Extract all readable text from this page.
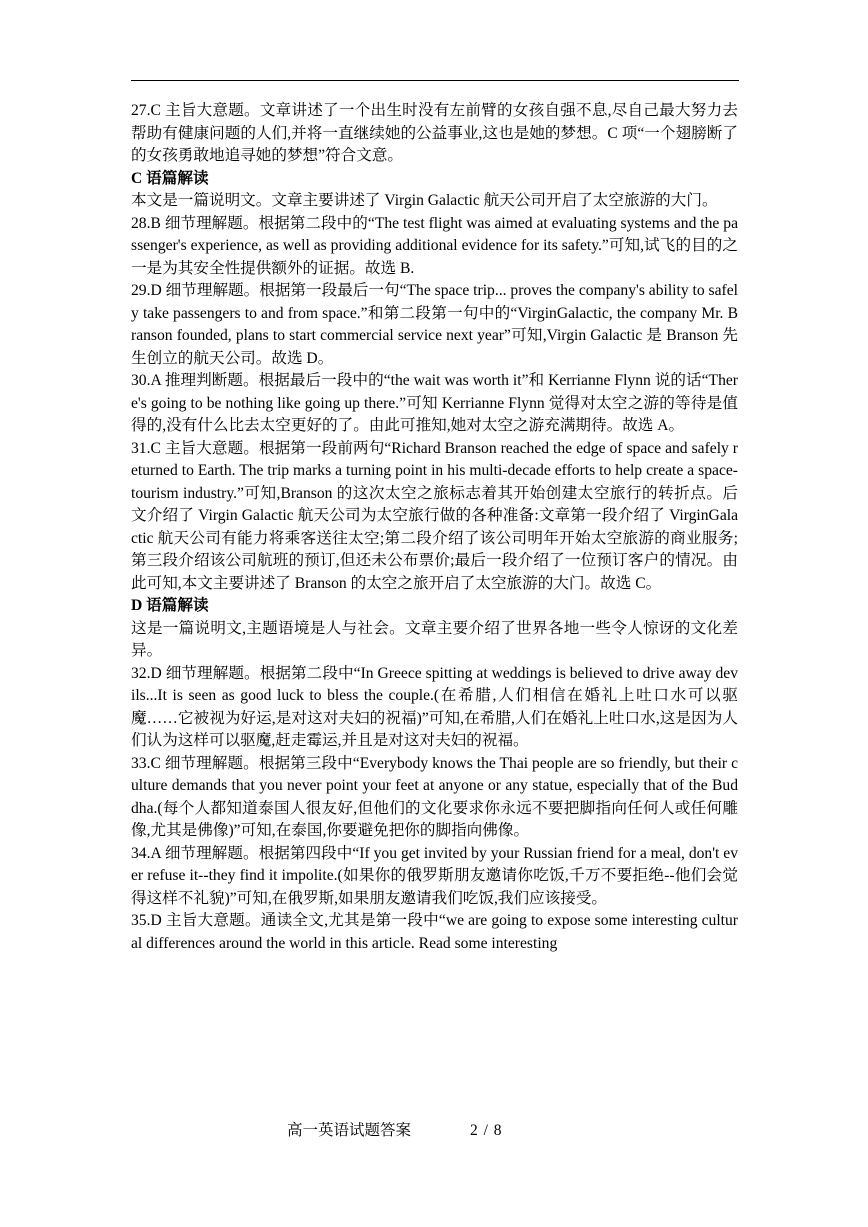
27.C 主旨大意题。文章讲述了一个出生时没有左前臂的女孩自强不息,尽自己最大努力去帮助有健康问题的人们,并将一直继续她的公益事业,这也是她的梦想。C 项“一个翅膀断了的女孩勇敢地追寻她的梦想”符合文意。

C 语篇解读

本文是一篇说明文。文章主要讲述了 Virgin Galactic 航天公司开启了太空旅游的大门。

28.B 细节理解题。根据第二段中的“The test flight was aimed at evaluating systems and the passenger's experience, as well as providing additional evidence for its safety.”可知,试飞的目的之一是为其安全性提供额外的证据。故选 B.

29.D 细节理解题。根据第一段最后一句“The space trip... proves the company's ability to safely take passengers to and from space.”和第二段第一句中的“VirginGalactic, the company Mr. Branson founded, plans to start commercial service next year”可知,Virgin Galactic 是 Branson 先生创立的航天公司。故选 D。

30.A 推理判断题。根据最后一段中的“the wait was worth it”和 Kerrianne Flynn 说的话“There's going to be nothing like going up there.”可知 Kerrianne Flynn 觉得对太空之游的等待是值得的,没有什么比去太空更好的了。由此可推知,她对太空之游充满期待。故选 A。

31.C 主旨大意题。根据第一段前两句“Richard Branson reached the edge of space and safely returned to Earth. The trip marks a turning point in his multi-decade efforts to help create a space-tourism industry.”可知,Branson 的这次太空之旅标志着其开始创建太空旅行的转折点。后文介绍了 Virgin Galactic 航天公司为太空旅行做的各种准备:文章第一段介绍了 VirginGalactic 航天公司有能力将乘客送往太空;第二段介绍了该公司明年开始太空旅游的商业服务;第三段介绍该公司航班的预订,但还未公布票价;最后一段介绍了一位预订客户的情况。由此可知,本文主要讲述了 Branson 的太空之旅开启了太空旅游的大门。故选 C。

D 语篇解读

这是一篇说明文,主题语境是人与社会。文章主要介绍了世界各地一些令人惊讶的文化差异。

32.D 细节理解题。根据第二段中“In Greece spitting at weddings is believed to drive away devils...It is seen as good luck to bless the couple.(在希腊,人们相信在婚礼上吐口水可以驱魔……它被视为好运,是对这对夫妇的祝福)”可知,在希腊,人们在婚礼上吐口水,这是因为人们认为这样可以驱魔,赶走霉运,并且是对这对夫妇的祝福。

33.C 细节理解题。根据第三段中“Everybody knows the Thai people are so friendly, but their culture demands that you never point your feet at anyone or any statue, especially that of the Buddha.(每个人都知道泰国人很友好,但他们的文化要求你永远不要把脚指向任何人或任何雕像,尤其是佛像)”可知,在泰国,你要避免把你的脚指向佛像。

34.A 细节理解题。根据第四段中“If you get invited by your Russian friend for a meal, don't ever refuse it--they find it impolite.(如果你的俄罗斯朋友邀请你吃饭,千万不要拒绝--他们会觉得这样不礼貌)”可知,在俄罗斯,如果朋友邀请我们吃饭,我们应该接受。

35.D 主旨大意题。通读全文,尤其是第一段中“we are going to expose some interesting cultural differences around the world in this article. Read some interesting

高一英语试题答案	2 / 8
